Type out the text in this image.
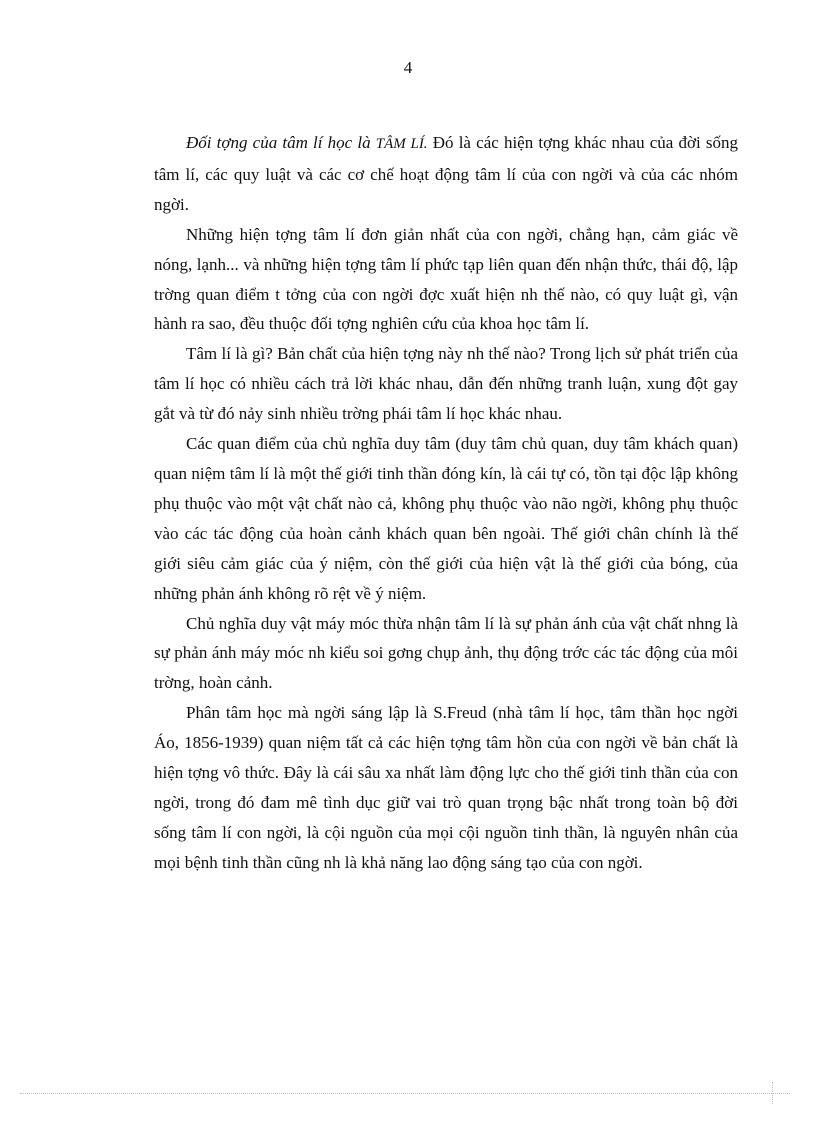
4

Đối tợng của tâm lí học là TÂM LÍ. Đó là các hiện tợng khác nhau của đời sống tâm lí, các quy luật và các cơ chế hoạt động tâm lí của con ngời và của các nhóm ngời.

Những hiện tợng tâm lí đơn giản nhất của con ngời, chẳng hạn, cảm giác về nóng, lạnh... và những hiện tợng tâm lí phức tạp liên quan đến nhận thức, thái độ, lập trờng quan điểm t tởng của con ngời đợc xuất hiện nh thế nào, có quy luật gì, vận hành ra sao, đều thuộc đối tợng nghiên cứu của khoa học tâm lí.

Tâm lí là gì? Bản chất của hiện tợng này nh thế nào? Trong lịch sử phát triển của tâm lí học có nhiều cách trả lời khác nhau, dẫn đến những tranh luận, xung đột gay gắt và từ đó nảy sinh nhiều trờng phái tâm lí học khác nhau.

Các quan điểm của chủ nghĩa duy tâm (duy tâm chủ quan, duy tâm khách quan) quan niệm tâm lí là một thế giới tinh thần đóng kín, là cái tự có, tồn tại độc lập không phụ thuộc vào một vật chất nào cả, không phụ thuộc vào não ngời, không phụ thuộc vào các tác động của hoàn cảnh khách quan bên ngoài. Thế giới chân chính là thế giới siêu cảm giác của ý niệm, còn thế giới của hiện vật là thế giới của bóng, của những phản ánh không rõ rệt về ý niệm.

Chủ nghĩa duy vật máy móc thừa nhận tâm lí là sự phản ánh của vật chất nhng là sự phản ánh máy móc nh kiểu soi gơng chụp ảnh, thụ động trớc các tác động của môi trờng, hoàn cảnh.

Phân tâm học mà ngời sáng lập là S.Freud (nhà tâm lí học, tâm thần học ngời Áo, 1856-1939) quan niệm tất cả các hiện tợng tâm hồn của con ngời về bản chất là hiện tợng vô thức. Đây là cái sâu xa nhất làm động lực cho thế giới tinh thần của con ngời, trong đó đam mê tình dục giữ vai trò quan trọng bậc nhất trong toàn bộ đời sống tâm lí con ngời, là cội nguồn của mọi cội nguồn tinh thần, là nguyên nhân của mọi bệnh tinh thần cũng nh là khả năng lao động sáng tạo của con ngời.
